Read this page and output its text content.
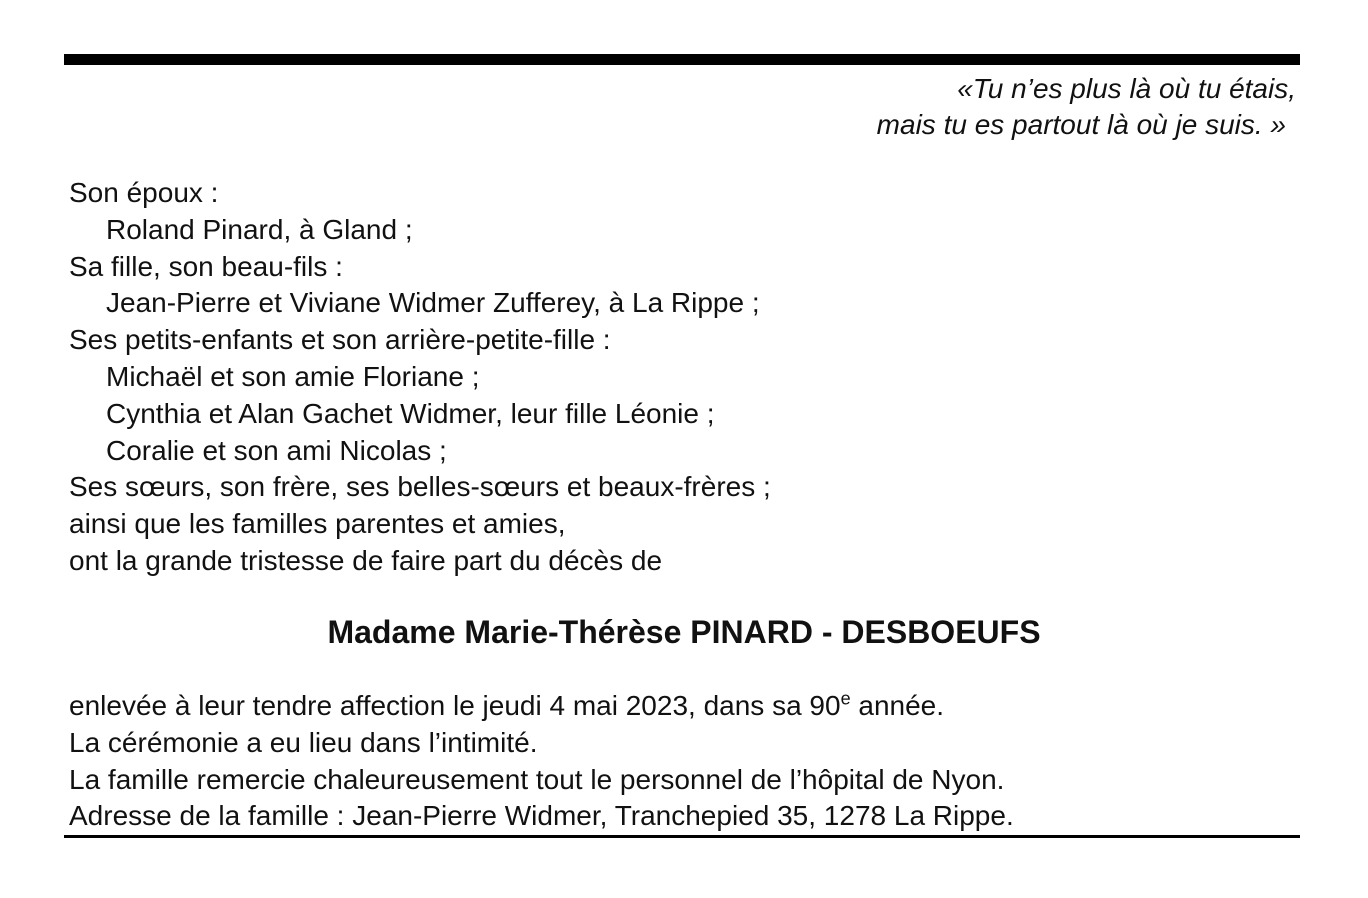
«Tu n’es plus là où tu étais,
mais tu es partout là où je suis. »
Son époux :
Roland Pinard, à Gland ;
Sa fille, son beau-fils :
Jean-Pierre et Viviane Widmer Zufferey, à La Rippe ;
Ses petits-enfants et son arrière-petite-fille :
Michaël et son amie Floriane ;
Cynthia et Alan Gachet Widmer, leur fille Léonie ;
Coralie et son ami Nicolas ;
Ses sœurs, son frère, ses belles-sœurs et beaux-frères ;
ainsi que les familles parentes et amies,
ont la grande tristesse de faire part du décès de
Madame Marie-Thérèse PINARD - DESBOEUFS
enlevée à leur tendre affection le jeudi 4 mai 2023, dans sa 90e année.
La cérémonie a eu lieu dans l’intimité.
La famille remercie chaleureusement tout le personnel de l’hôpital de Nyon.
Adresse de la famille : Jean-Pierre Widmer, Tranchepied 35, 1278 La Rippe.
